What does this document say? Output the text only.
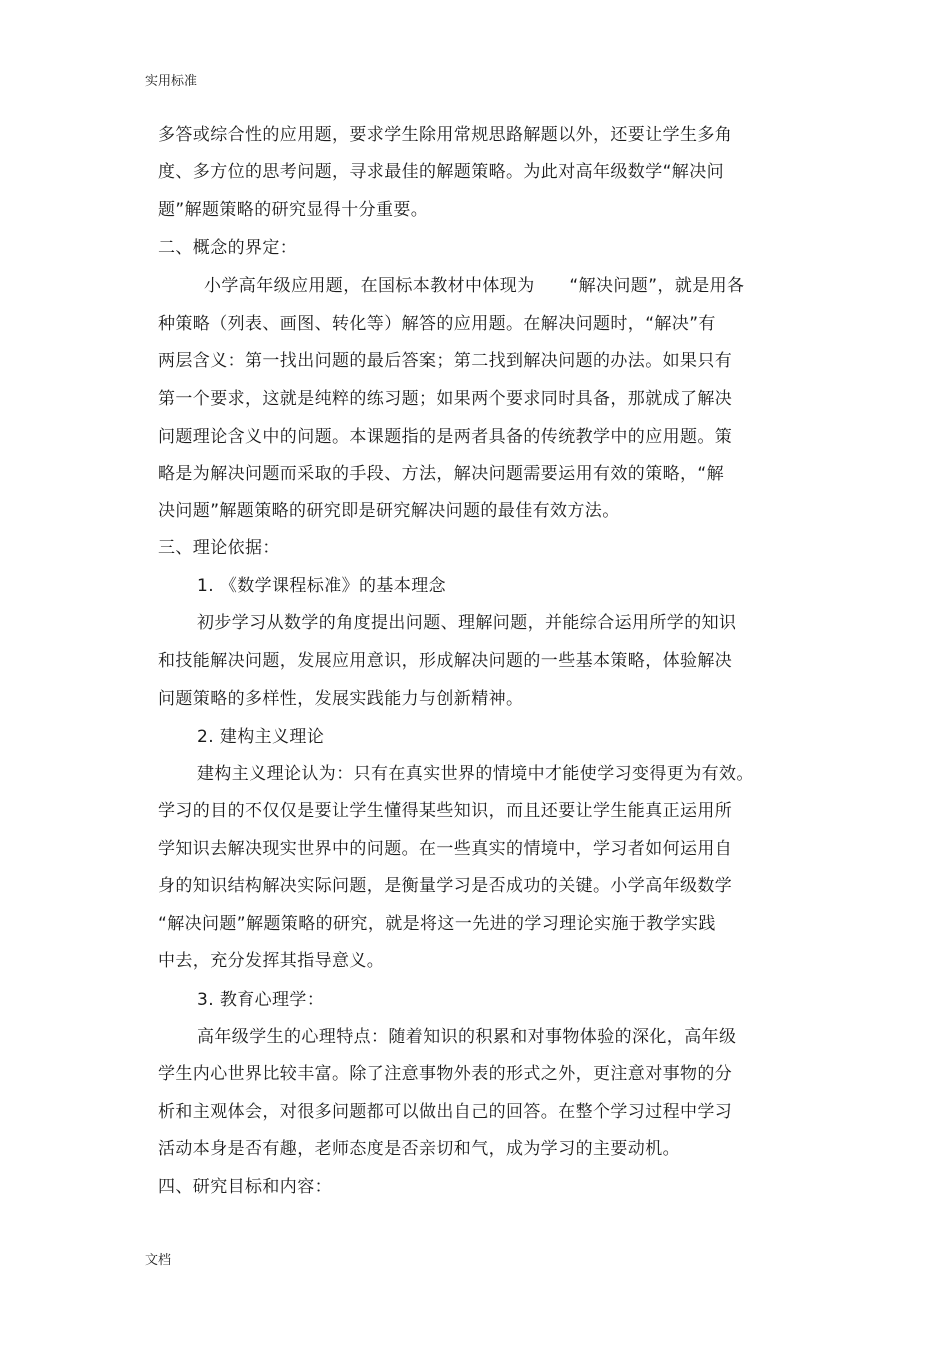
实用标准
多答或综合性的应用题，要求学生除用常规思路解题以外，还要让学生多角
度、多方位的思考问题，寻求最佳的解题策略。为此对高年级数学“解决问
题”解题策略的研究显得十分重要。
二、概念的界定：
小学高年级应用题，在国标本教材中体现为　　“解决问题”，就是用各
种策略（列表、画图、转化等）解答的应用题。在解决问题时，“解决”有
两层含义：第一找出问题的最后答案；第二找到解决问题的办法。如果只有
第一个要求，这就是纯粹的练习题；如果两个要求同时具备，那就成了解决
问题理论含义中的问题。本课题指的是两者具备的传统教学中的应用题。策
略是为解决问题而采取的手段、方法，解决问题需要运用有效的策略，“解
决问题”解题策略的研究即是研究解决问题的最佳有效方法。
三、理论依据：
1. 《数学课程标准》的基本理念
初步学习从数学的角度提出问题、理解问题，并能综合运用所学的知识
和技能解决问题，发展应用意识，形成解决问题的一些基本策略，体验解决
问题策略的多样性，发展实践能力与创新精神。
2. 建构主义理论
建构主义理论认为：只有在真实世界的情境中才能使学习变得更为有效。
学习的目的不仅仅是要让学生懂得某些知识，而且还要让学生能真正运用所
学知识去解决现实世界中的问题。在一些真实的情境中，学习者如何运用自
身的知识结构解决实际问题，是衡量学习是否成功的关键。小学高年级数学
“解决问题”解题策略的研究，就是将这一先进的学习理论实施于教学实践
中去，充分发挥其指导意义。
3. 教育心理学：
高年级学生的心理特点：随着知识的积累和对事物体验的深化，高年级
学生内心世界比较丰富。除了注意事物外表的形式之外，更注意对事物的分
析和主观体会，对很多问题都可以做出自己的回答。在整个学习过程中学习
活动本身是否有趣，老师态度是否亲切和气，成为学习的主要动机。
四、研究目标和内容：
文档
